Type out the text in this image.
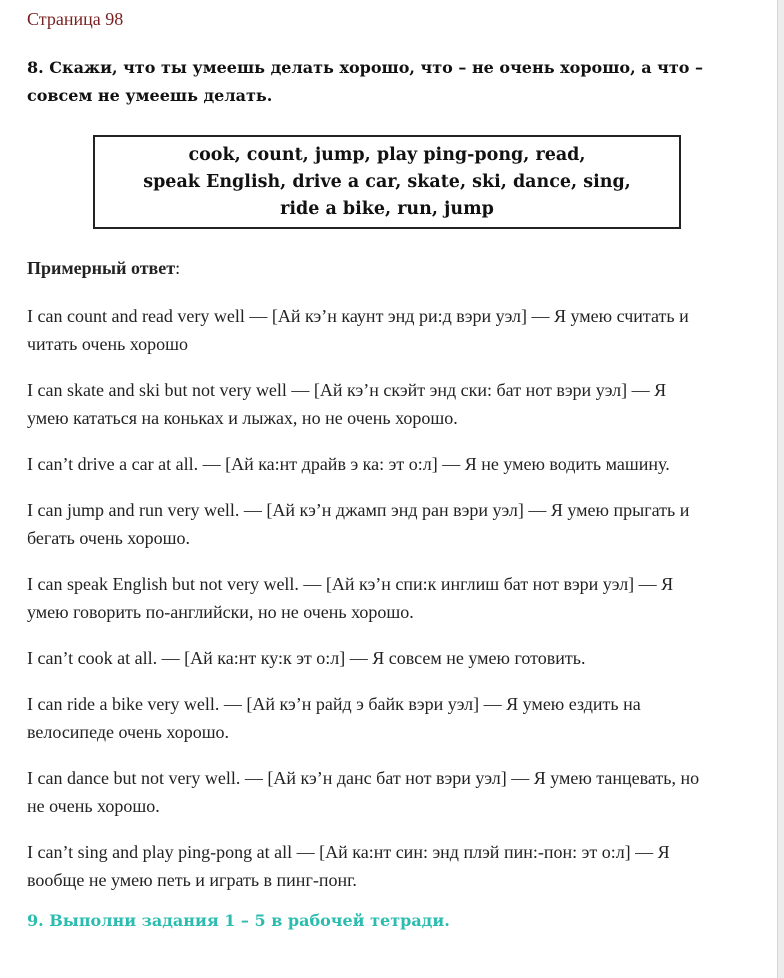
Страница 98
8. Скажи, что ты умеешь делать хорошо, что – не очень хорошо, а что –
совсем не умеешь делать.
cook, count, jump, play ping-pong, read,
speak English, drive a car, skate, ski, dance, sing,
ride a bike, run, jump
Примерный ответ:
I can count and read very well — [Ай кэ’н каунт энд ри:д вэри уэл] — Я умею считать и
читать очень хорошо
I can skate and ski but not very well — [Ай кэ’н скэйт энд ски: бат нот вэри уэл] — Я
умею кататься на коньках и лыжах, но не очень хорошо.
I can’t drive a car at all. — [Ай ка:нт драйв э ка: эт о:л] — Я не умею водить машину.
I can jump and run very well. — [Ай кэ’н джамп энд ран вэри уэл] — Я умею прыгать и
бегать очень хорошо.
I can speak English but not very well. — [Ай кэ’н спи:к инглиш бат нот вэри уэл] — Я
умею говорить по-английски, но не очень хорошо.
I can’t cook at all. — [Ай ка:нт ку:к эт о:л] — Я совсем не умею готовить.
I can ride a bike very well. — [Ай кэ’н райд э байк вэри уэл] — Я умею ездить на
велосипеде очень хорошо.
I can dance but not very well. — [Ай кэ’н данс бат нот вэри уэл] — Я умею танцевать, но
не очень хорошо.
I can’t sing and play ping-pong at all — [Ай ка:нт син: энд плэй пин:-пон: эт о:л] — Я
вообще не умею петь и играть в пинг-понг.
9. Выполни задания 1 – 5 в рабочей тетради.
